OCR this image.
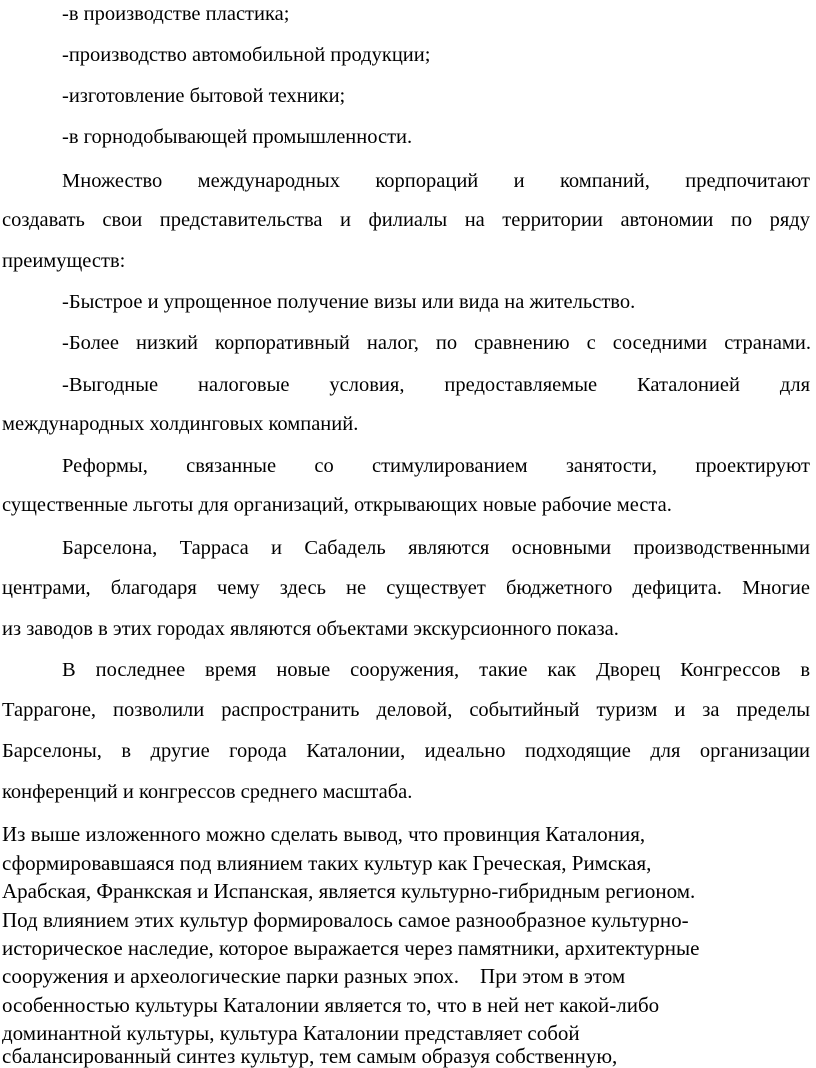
-в производстве пластика;

-производство автомобильной продукции;

-изготовление бытовой техники;

-в горнодобывающей промышленности.

Множество международных корпораций и компаний, предпочитают

создавать свои представительства и филиалы на территории автономии по ряду

преимуществ:

-Быстрое и упрощенное получение визы или вида на жительство.

-Более низкий корпоративный налог, по сравнению с соседними странами.

-Выгодные налоговые условия, предоставляемые Каталонией для

международных холдинговых компаний.

Реформы, связанные со стимулированием занятости, проектируют

существенные льготы для организаций, открывающих новые рабочие места.

Барселона, Тарраса и Сабадель являются основными производственными

центрами, благодаря чему здесь не существует бюджетного дефицита. Многие

из заводов в этих городах являются объектами экскурсионного показа.

В последнее время новые сооружения, такие как Дворец Конгрессов в

Таррагоне, позволили распространить деловой, событийный туризм и за пределы

Барселоны, в другие города Каталонии, идеально подходящие для организации

конференций и конгрессов среднего масштаба.

Из выше изложенного можно сделать вывод, что провинция Каталония,

сформировавшаяся под влиянием таких культур как Греческая, Римская,

Арабская, Франкская и Испанская, является культурно-гибридным регионом.

Под влиянием этих культур формировалось самое разнообразное культурно-

историческое наследие, которое выражается через памятники, архитектурные

сооружения и археологические парки разных эпох.    При этом в этом

особенностью культуры Каталонии является то, что в ней нет какой-либо

доминантной культуры, культура Каталонии представляет собой

сбалансированный синтез культур, тем самым образуя собственную,
